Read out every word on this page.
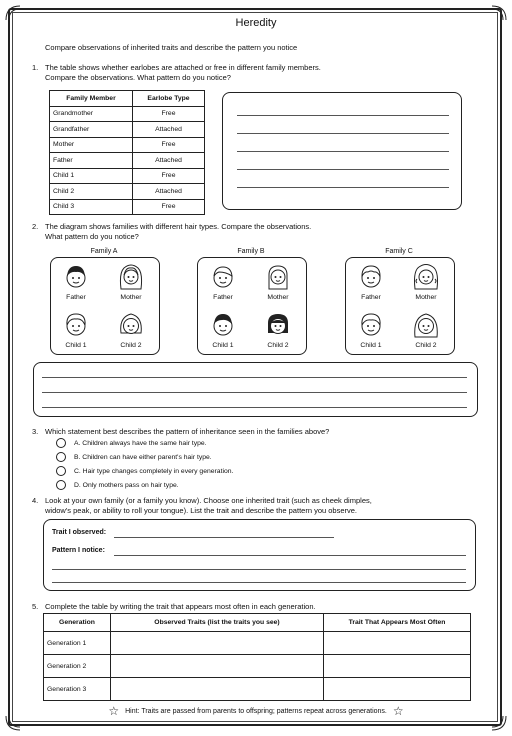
Heredity
Compare observations of inherited traits and describe the pattern you notice
1. The table shows whether earlobes are attached or free in different family members.
Compare the observations. What pattern do you notice?
Family Member	Earlobe Type
Grandmother	Free
Grandfather	Attached
Mother	Free
Father	Attached
Child 1	Free
Child 2	Attached
Child 3	Free
2. The diagram shows families with different hair types. Compare the observations.
What pattern do you notice?
Family A
Father	Mother
Child 1	Child 2
Family B
Father	Mother
Child 1	Child 2
Family C
Father	Mother
Child 1	Child 2
3. Which statement best describes the pattern of inheritance seen in the families above?
A. Children always have the same hair type.
B. Children can have either parent's hair type.
C. Hair type changes completely in every generation.
D. Only mothers pass on hair type.
4. Look at your own family (or a family you know). Choose one inherited trait (such as cheek dimples,
widow's peak, or ability to roll your tongue). List the trait and describe the pattern you observe.
Trait I observed:
Pattern I notice:
5. Complete the table by writing the trait that appears most often in each generation.
Generation	Observed Traits (list the traits you see)	Trait That Appears Most Often
Generation 1		
Generation 2		
Generation 3		
☆ Hint: Traits are passed from parents to offspring; patterns repeat across generations. ☆
